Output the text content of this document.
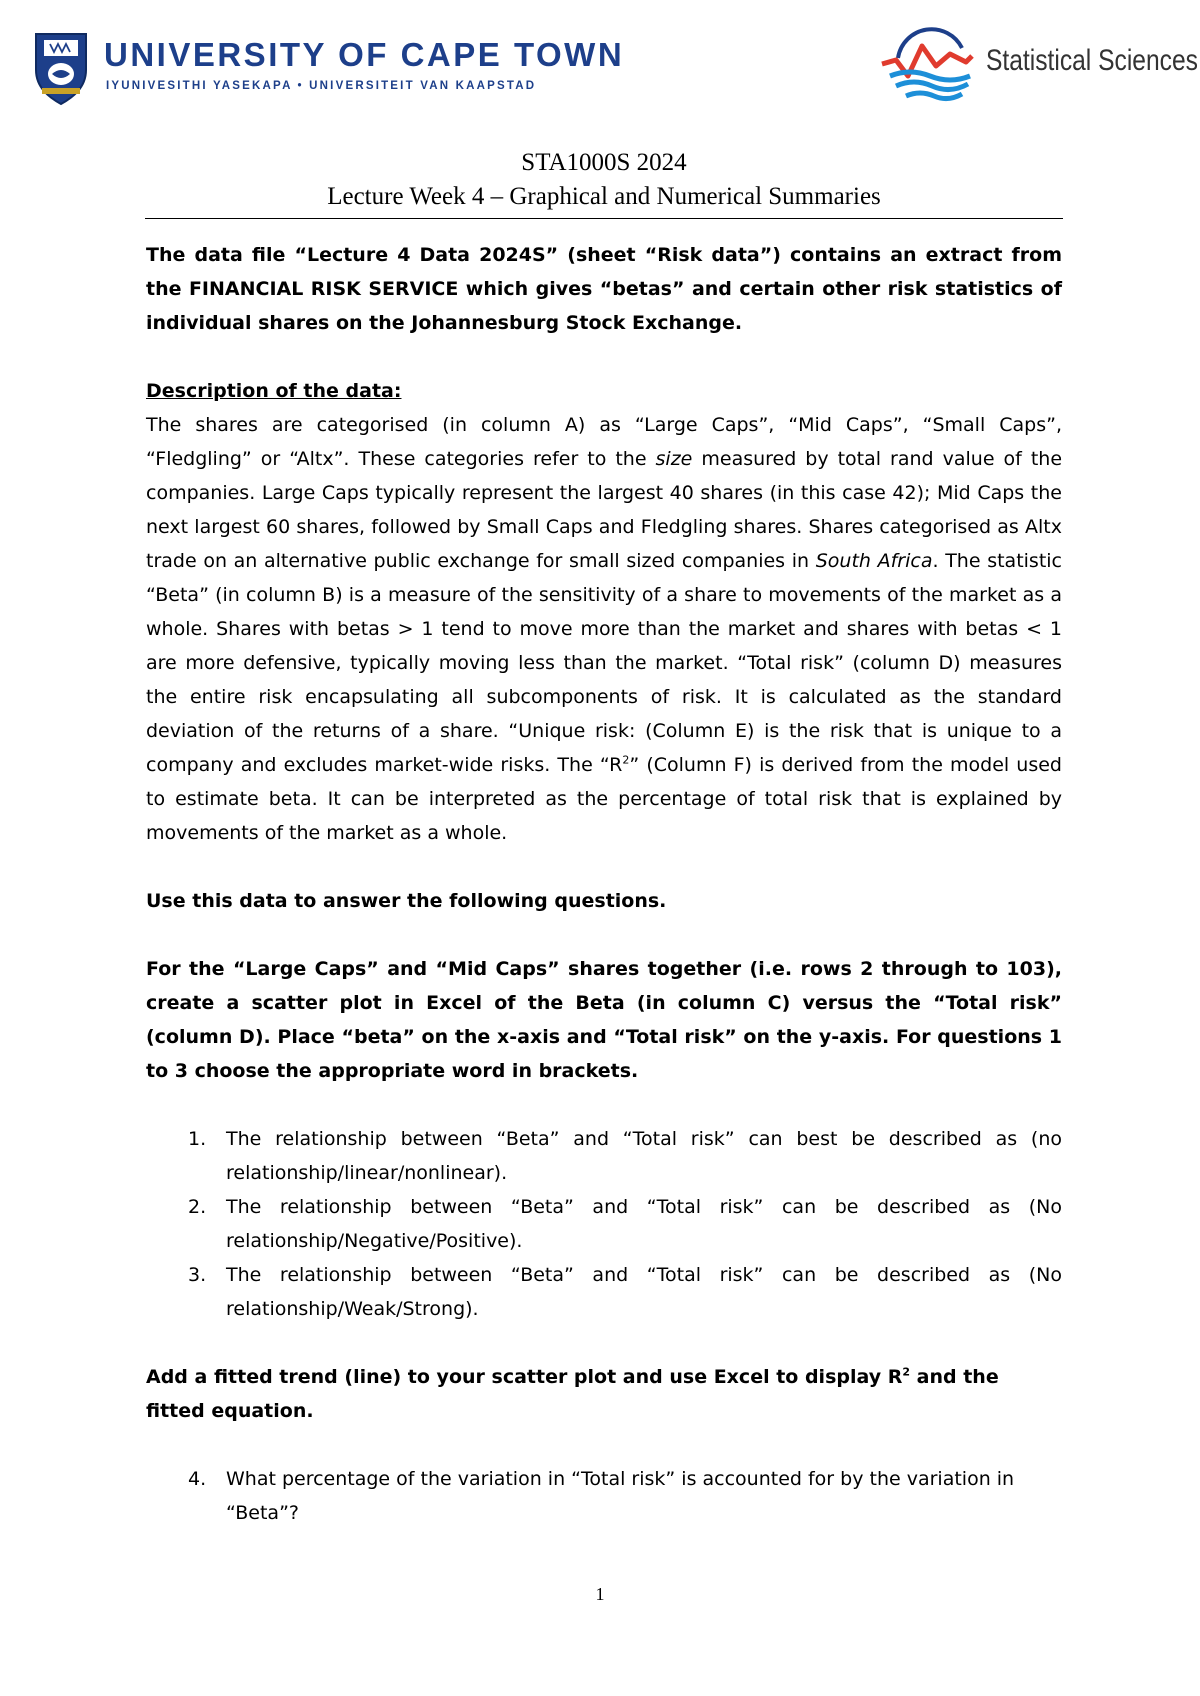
UNIVERSITY OF CAPE TOWN
IYUNIVESITHI YASEKAPA • UNIVERSITEIT VAN KAAPSTAD
Statistical Sciences
STA1000S 2024
Lecture Week 4 – Graphical and Numerical Summaries

The data file “Lecture 4 Data 2024S” (sheet “Risk data”) contains an extract from the FINANCIAL RISK SERVICE which gives “betas” and certain other risk statistics of individual shares on the Johannesburg Stock Exchange.

Description of the data:

The shares are categorised (in column A) as “Large Caps”, “Mid Caps”, “Small Caps”, “Fledgling” or “Altx”. These categories refer to the size measured by total rand value of the companies. Large Caps typically represent the largest 40 shares (in this case 42); Mid Caps the next largest 60 shares, followed by Small Caps and Fledgling shares. Shares categorised as Altx trade on an alternative public exchange for small sized companies in South Africa. The statistic “Beta” (in column B) is a measure of the sensitivity of a share to movements of the market as a whole. Shares with betas > 1 tend to move more than the market and shares with betas < 1 are more defensive, typically moving less than the market. “Total risk” (column D) measures the entire risk encapsulating all subcomponents of risk. It is calculated as the standard deviation of the returns of a share. “Unique risk: (Column E) is the risk that is unique to a company and excludes market-wide risks. The “$R^2$” (Column F) is derived from the model used to estimate beta. It can be interpreted as the percentage of total risk that is explained by movements of the market as a whole.

Use this data to answer the following questions.

For the “Large Caps” and “Mid Caps” shares together (i.e. rows 2 through to 103), create a scatter plot in Excel of the Beta (in column C) versus the “Total risk” (column D). Place “beta” on the x-axis and “Total risk” on the y-axis. For questions 1 to 3 choose the appropriate word in brackets.

1. The relationship between “Beta” and “Total risk” can best be described as (no relationship/linear/nonlinear).
2. The relationship between “Beta” and “Total risk” can be described as (No relationship/Negative/Positive).
3. The relationship between “Beta” and “Total risk” can be described as (No relationship/Weak/Strong).

Add a fitted trend (line) to your scatter plot and use Excel to display $R^2$ and the fitted equation.

4. What percentage of the variation in “Total risk” is accounted for by the variation in “Beta”?
1
